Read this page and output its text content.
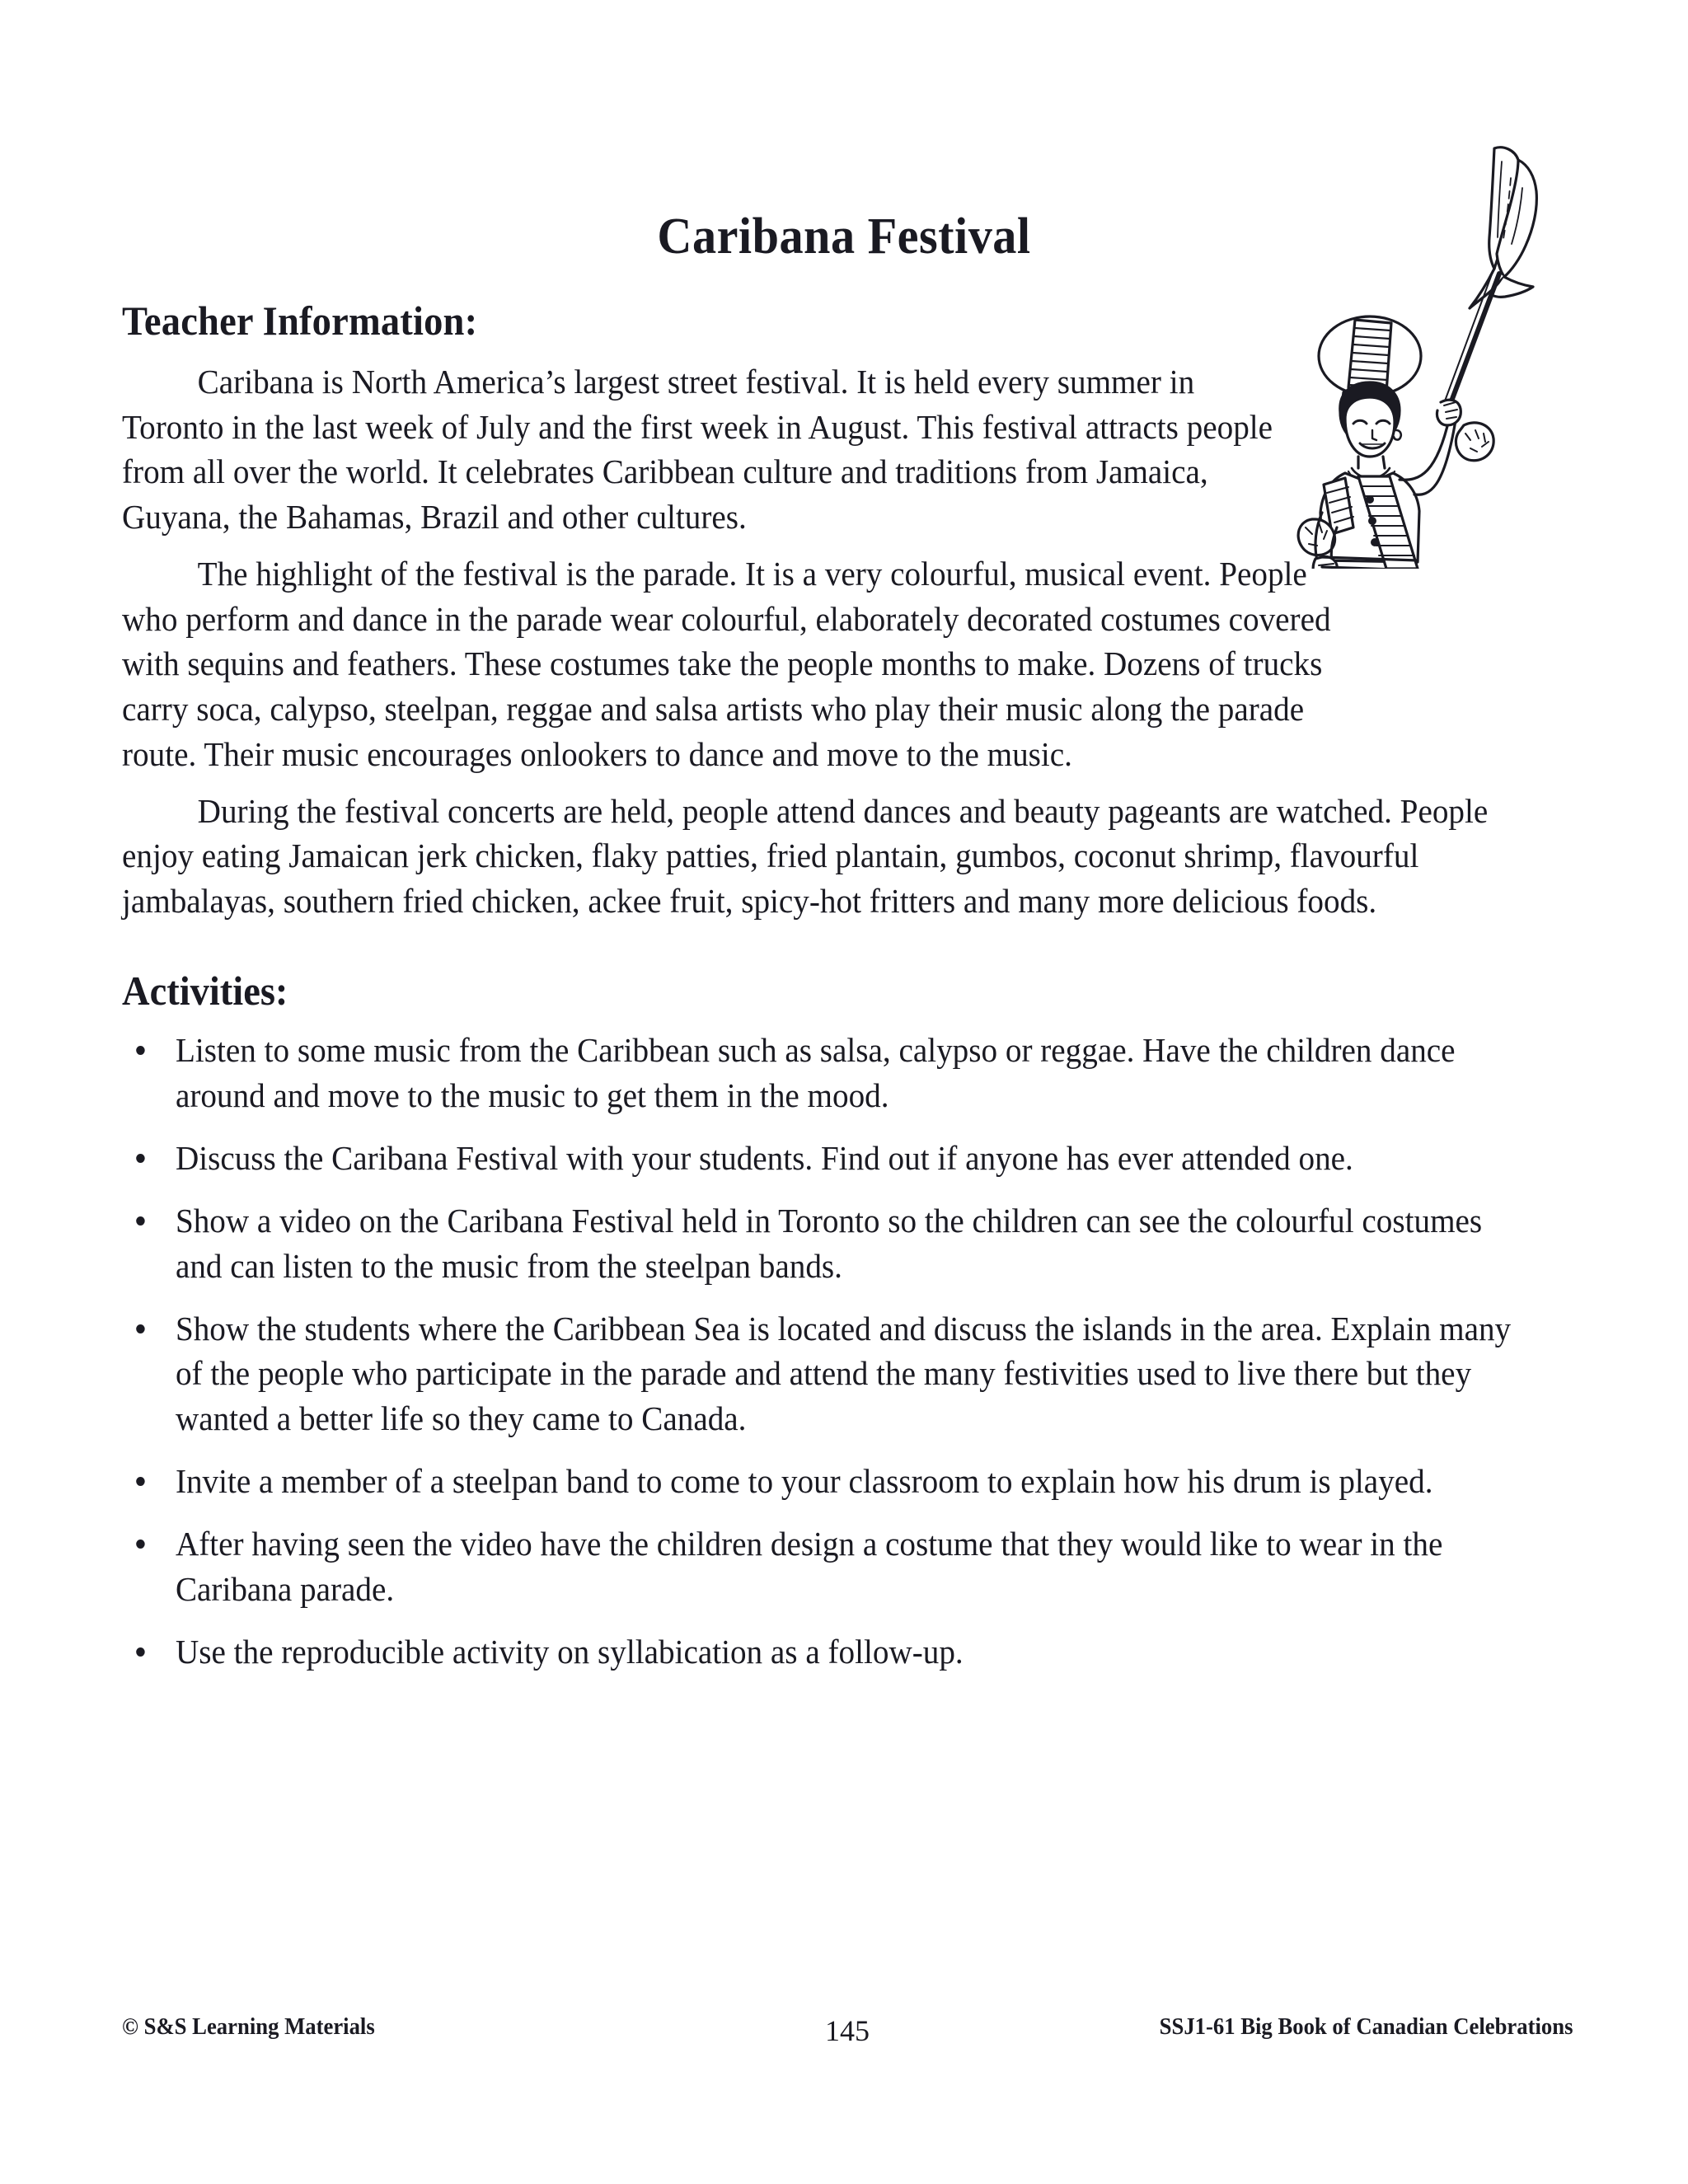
Caribana Festival
Teacher Information:

Caribana is North America’s largest street festival. It is held every summer in Toronto in the last week of July and the first week in August. This festival attracts people from all over the world. It celebrates Caribbean culture and traditions from Jamaica, Guyana, the Bahamas, Brazil and other cultures.

The highlight of the festival is the parade. It is a very colourful, musical event. People who perform and dance in the parade wear colourful, elaborately decorated costumes covered with sequins and feathers. These costumes take the people months to make. Dozens of trucks carry soca, calypso, steelpan, reggae and salsa artists who play their music along the parade route. Their music encourages onlookers to dance and move to the music.

During the festival concerts are held, people attend dances and beauty pageants are watched. People enjoy eating Jamaican jerk chicken, flaky patties, fried plantain, gumbos, coconut shrimp, flavourful jambalayas, southern fried chicken, ackee fruit, spicy-hot fritters and many more delicious foods.

Activities:
Listen to some music from the Caribbean such as salsa, calypso or reggae. Have the children dance around and move to the music to get them in the mood.
Discuss the Caribana Festival with your students. Find out if anyone has ever attended one.
Show a video on the Caribana Festival held in Toronto so the children can see the colourful costumes and can listen to the music from the steelpan bands.
Show the students where the Caribbean Sea is located and discuss the islands in the area. Explain many of the people who participate in the parade and attend the many festivities used to live there but they wanted a better life so they came to Canada.
Invite a member of a steelpan band to come to your classroom to explain how his drum is played.
After having seen the video have the children design a costume that they would like to wear in the Caribana parade.
Use the reproducible activity on syllabication as a follow-up.
© S&S Learning Materials	145	SSJ1-61 Big Book of Canadian Celebrations
